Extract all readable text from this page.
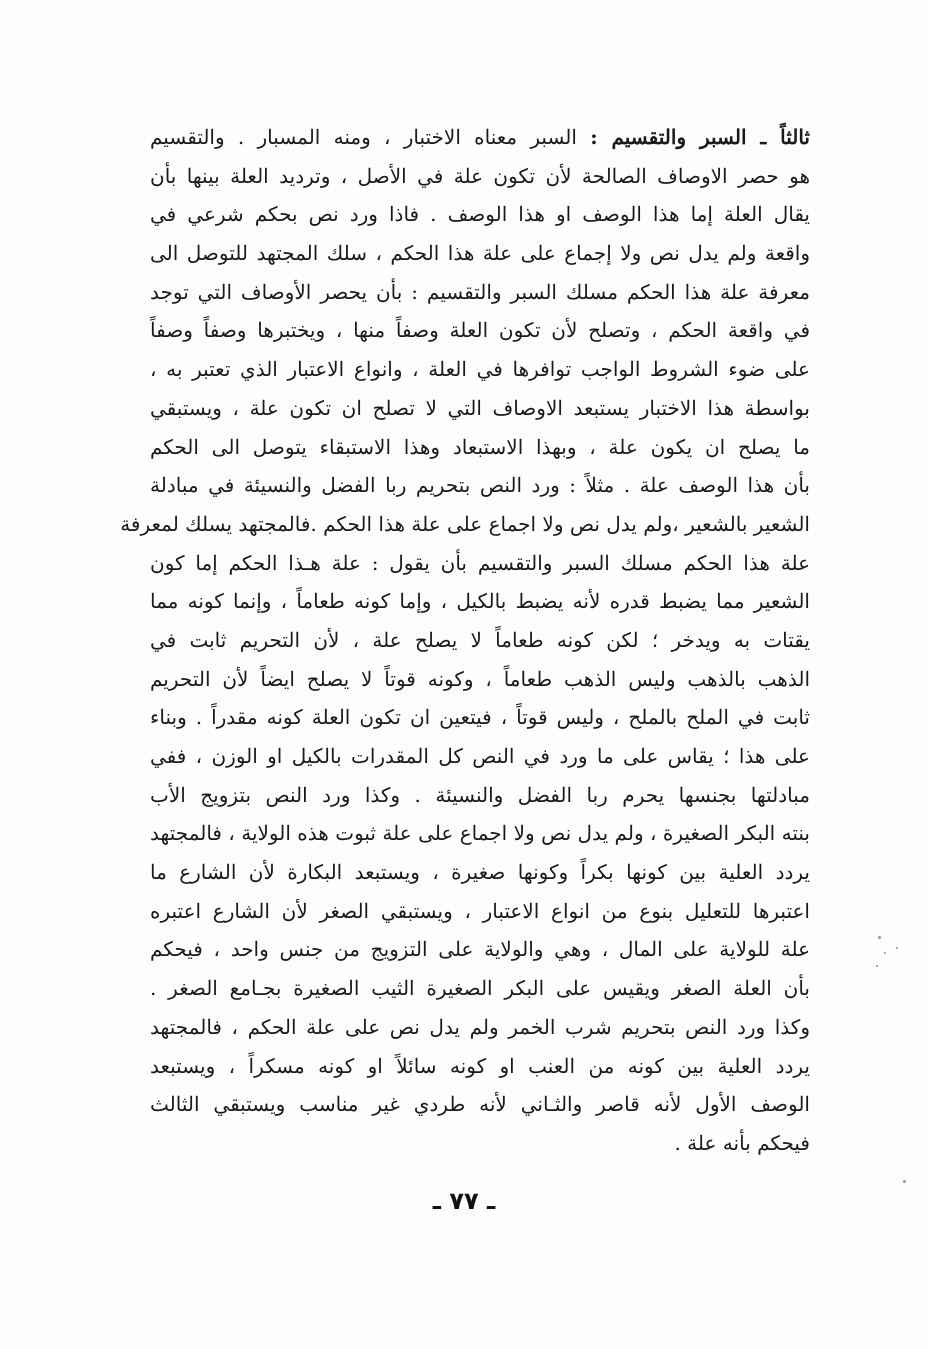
ثالثاً ـ السبر والتقسيم : السبر معناه الاختبار ، ومنه المسبار . والتقسيم
هو حصر الاوصاف الصالحة لأن تكون علة في الأصل ، وترديد العلة بينها بأن
يقال العلة إما هذا الوصف او هذا الوصف . فاذا ورد نص بحكم شرعي في
واقعة ولم يدل نص ولا إجماع على علة هذا الحكم ، سلك المجتهد للتوصل الى
معرفة علة هذا الحكم مسلك السبر والتقسيم : بأن يحصر الأوصاف التي توجد
في واقعة الحكم ، وتصلح لأن تكون العلة وصفاً منها ، ويختبرها وصفاً وصفاً
على ضوء الشروط الواجب توافرها في العلة ، وانواع الاعتبار الذي تعتبر به ،
بواسطة هذا الاختبار يستبعد الاوصاف التي لا تصلح ان تكون علة ، ويستبقي
ما يصلح ان يكون علة ، وبهذا الاستبعاد وهذا الاستبقاء يتوصل الى الحكم
بأن هذا الوصف علة . مثلاً : ورد النص بتحريم ربا الفضل والنسيئة في مبادلة
الشعير بالشعير ،ولم يدل نص ولا اجماع على علة هذا الحكم .فالمجتهد يسلك لمعرفة
علة هذا الحكم مسلك السبر والتقسيم بأن يقول : علة هـذا الحكم إما كون
الشعير مما يضبط قدره لأنه يضبط بالكيل ، وإما كونه طعاماً ، وإنما كونه مما
يقتات به ويدخر ؛ لكن كونه طعاماً لا يصلح علة ، لأن التحريم ثابت في
الذهب بالذهب وليس الذهب طعاماً ، وكونه قوتاً لا يصلح ايضاً لأن التحريم
ثابت في الملح بالملح ، وليس قوتاً ، فيتعين ان تكون العلة كونه مقدراً . وبناء
على هذا ؛ يقاس على ما ورد في النص كل المقدرات بالكيل او الوزن ، ففي
مبادلتها بجنسها يحرم ربا الفضل والنسيئة . وكذا ورد النص بتزويج الأب
بنته البكر الصغيرة ، ولم يدل نص ولا اجماع على علة ثبوت هذه الولاية ، فالمجتهد
يردد العلية بين كونها بكراً وكونها صغيرة ، ويستبعد البكارة لأن الشارع ما
اعتبرها للتعليل بنوع من انواع الاعتبار ، ويستبقي الصغر لأن الشارع اعتبره
علة للولاية على المال ، وهي والولاية على التزويج من جنس واحد ، فيحكم
بأن العلة الصغر ويقيس على البكر الصغيرة الثيب الصغيرة بجـامع الصغر .
وكذا ورد النص بتحريم شرب الخمر ولم يدل نص على علة الحكم ، فالمجتهد
يردد العلية بين كونه من العنب او كونه سائلاً او كونه مسكراً ، ويستبعد
الوصف الأول لأنه قاصر والثـاني لأنه طردي غير مناسب ويستبقي الثالث
فيحكم بأنه علة .
ـ ٧٧ ـ
